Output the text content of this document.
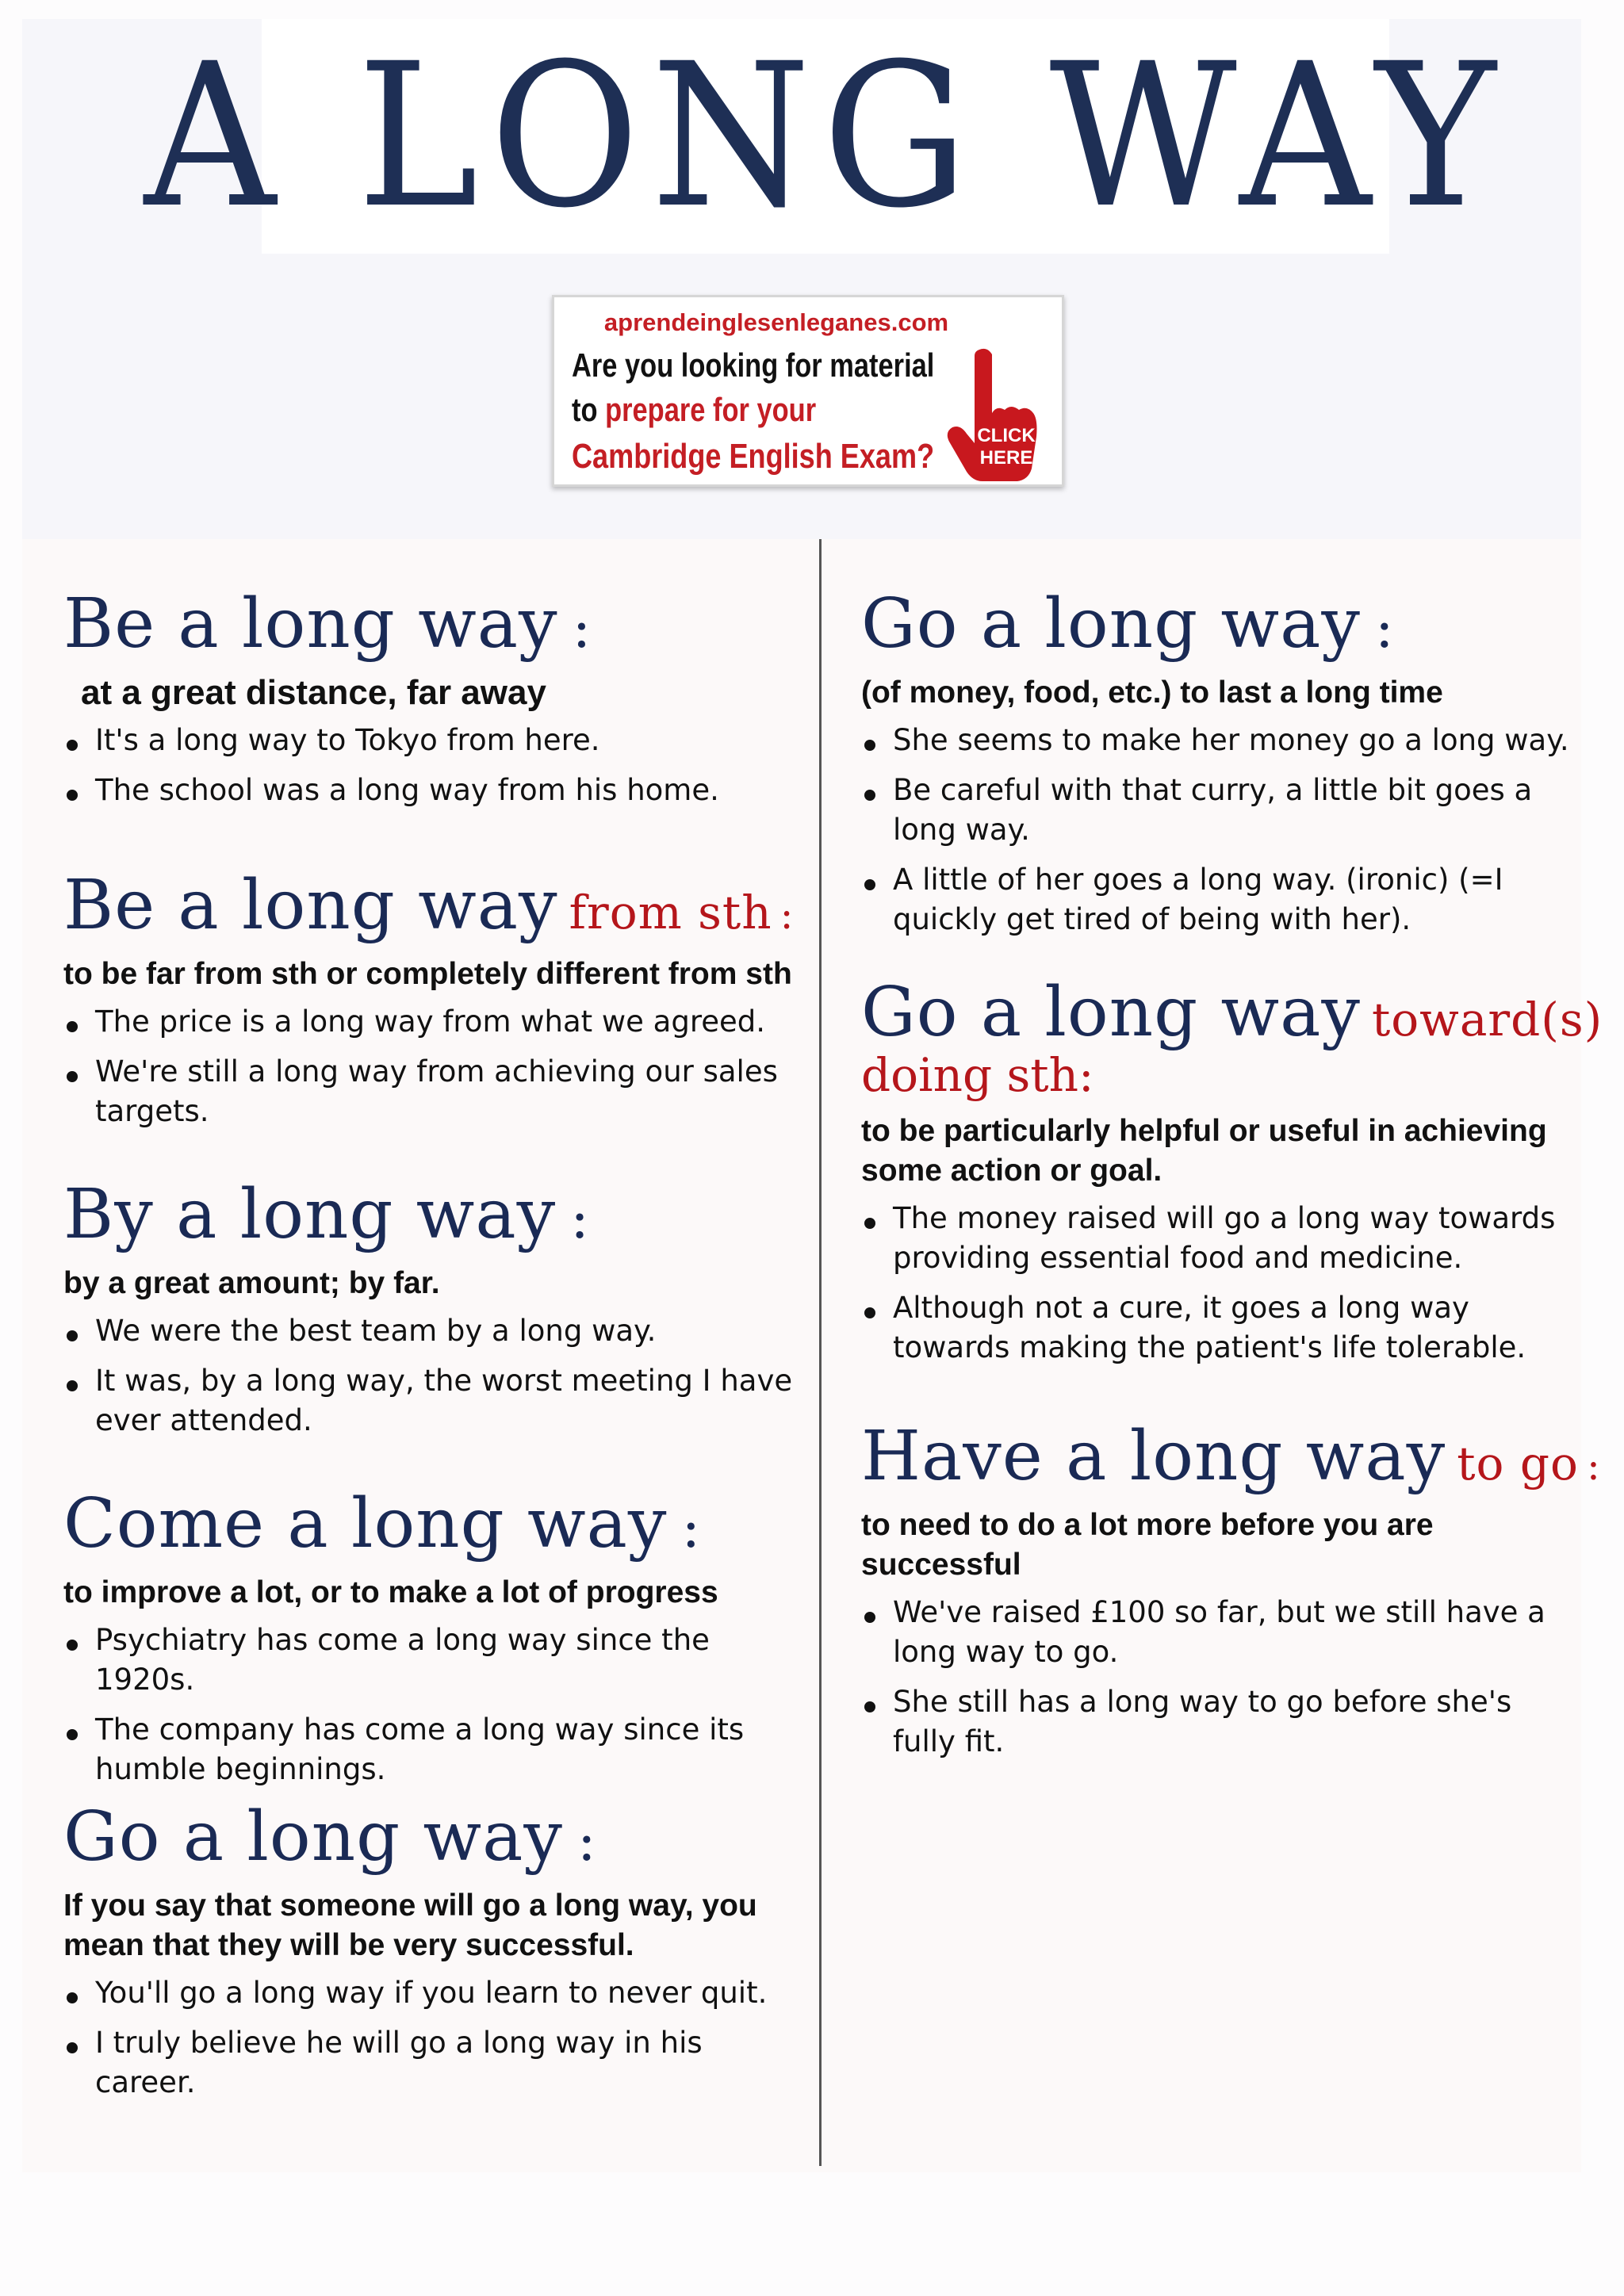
A LONG WAY
aprendeinglesenleganes.com
Are you looking for material
to prepare for your
Cambridge English Exam?
CLICK
HERE
Be a long way :
at a great distance, far away
It's a long way to Tokyo from here.
The school was a long way from his home.
Be a long way from sth :
to be far from sth or completely different from sth
The price is a long way from what we agreed.
We're still a long way from achieving our sales targets.
By a long way :
by a great amount; by far.
We were the best team by a long way.
It was, by a long way, the worst meeting I have ever attended.
Come a long way :
to improve a lot, or to make a lot of progress
Psychiatry has come a long way since the 1920s.
The company has come a long way since its humble beginnings.
Go a long way :
If you say that someone will go a long way, you mean that they will be very successful.
You'll go a long way if you learn to never quit.
I truly believe he will go a long way in his career.
Go a long way :
(of money, food, etc.) to last a long time
She seems to make her money go a long way.
Be careful with that curry, a little bit goes a long way.
A little of her goes a long way. (ironic) (=I quickly get tired of being with her).
Go a long way toward(s)
doing sth:
to be particularly helpful or useful in achieving some action or goal.
The money raised will go a long way towards providing essential food and medicine.
Although not a cure, it goes a long way towards making the patient's life tolerable.
Have a long way to go :
to need to do a lot more before you are successful
We've raised £100 so far, but we still have a long way to go.
She still has a long way to go before she's fully fit.
